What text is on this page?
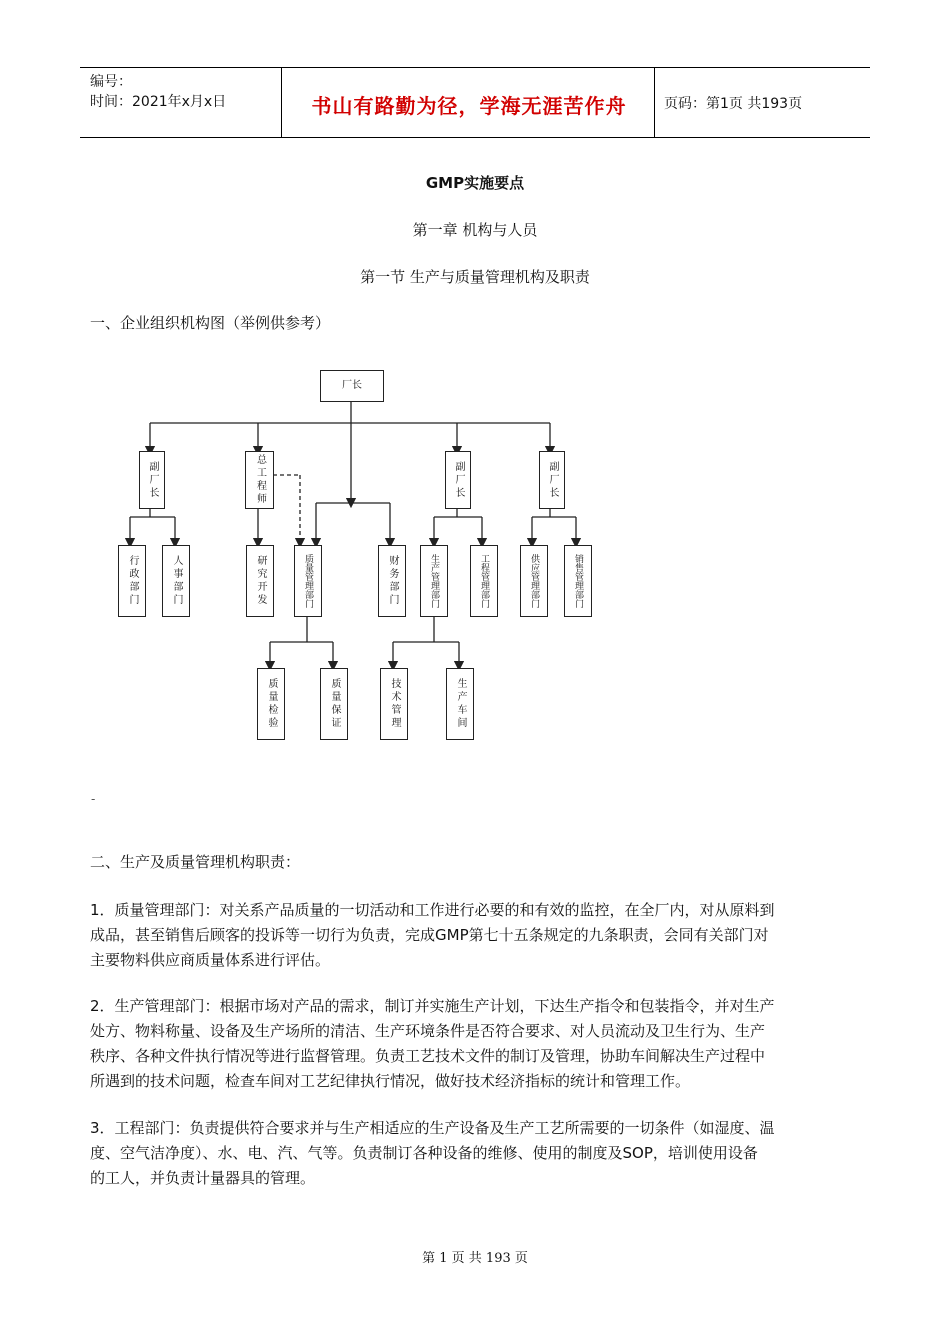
编号：
时间：2021年x月x日	书山有路勤为径，学海无涯苦作舟	页码：第1页 共193页
GMP实施要点
第一章 机构与人员
第一节 生产与质量管理机构及职责
一、企业组织机构图（举例供参考）
厂长
副厂长	总工程师	副厂长	副厂长
行政部门	人事部门	研究开发	质量管理部门	财务部门	生产管理部门	工程管理部门	供应管理部门	销售管理部门
质量检验	质量保证	技术管理	生产车间
-
二、生产及质量管理机构职责：
1．质量管理部门：对关系产品质量的一切活动和工作进行必要的和有效的监控，在全厂内，对从原料到
成品，甚至销售后顾客的投诉等一切行为负责，完成GMP第七十五条规定的九条职责，会同有关部门对
主要物料供应商质量体系进行评估。
2．生产管理部门：根据市场对产品的需求，制订并实施生产计划，下达生产指令和包装指令，并对生产
处方、物料称量、设备及生产场所的清洁、生产环境条件是否符合要求、对人员流动及卫生行为、生产
秩序、各种文件执行情况等进行监督管理。负责工艺技术文件的制订及管理，协助车间解决生产过程中
所遇到的技术问题，检查车间对工艺纪律执行情况，做好技术经济指标的统计和管理工作。
3．工程部门：负责提供符合要求并与生产相适应的生产设备及生产工艺所需要的一切条件（如湿度、温
度、空气洁净度）、水、电、汽、气等。负责制订各种设备的维修、使用的制度及SOP，培训使用设备
的工人，并负责计量器具的管理。
第 1 页 共 193 页
